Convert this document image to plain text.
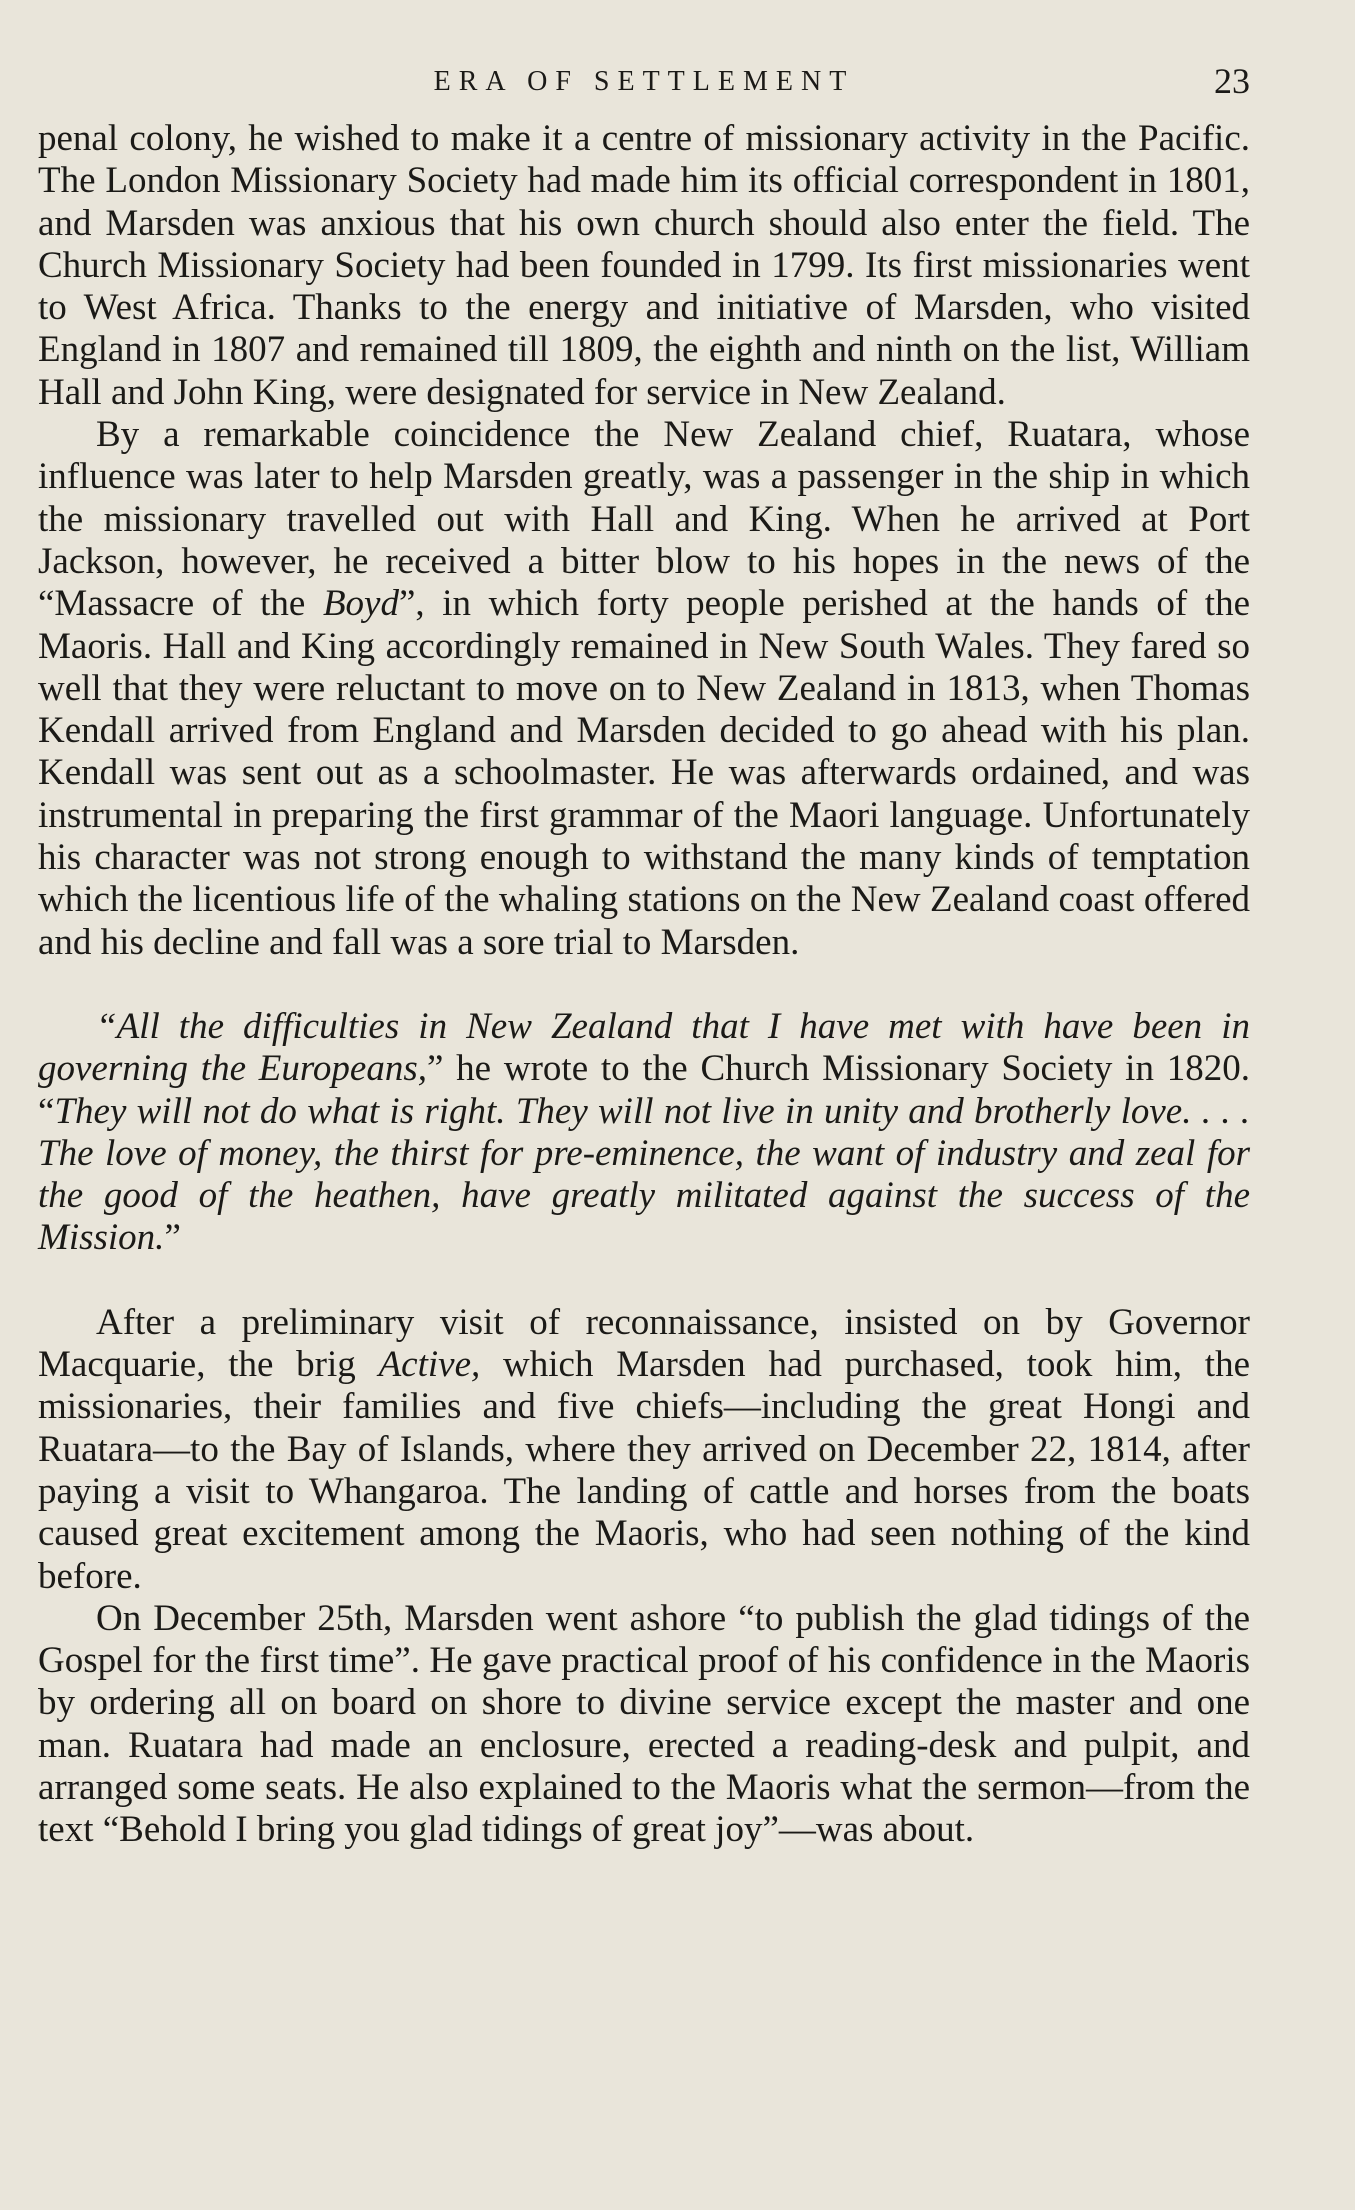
ERA OF SETTLEMENT	23

penal colony, he wished to make it a centre of missionary activity in the Pacific. The London Missionary Society had made him its official correspondent in 1801, and Marsden was anxious that his own church should also enter the field. The Church Missionary Society had been founded in 1799. Its first missionaries went to West Africa. Thanks to the energy and initiative of Marsden, who visited England in 1807 and remained till 1809, the eighth and ninth on the list, William Hall and John King, were designated for service in New Zealand.

By a remarkable coincidence the New Zealand chief, Ruatara, whose influence was later to help Marsden greatly, was a passenger in the ship in which the missionary travelled out with Hall and King. When he arrived at Port Jackson, however, he received a bitter blow to his hopes in the news of the “Massacre of the Boyd”, in which forty people perished at the hands of the Maoris. Hall and King accordingly remained in New South Wales. They fared so well that they were reluctant to move on to New Zealand in 1813, when Thomas Kendall arrived from England and Marsden decided to go ahead with his plan. Kendall was sent out as a schoolmaster. He was afterwards ordained, and was instrumental in preparing the first grammar of the Maori language. Unfortunately his character was not strong enough to withstand the many kinds of temptation which the licentious life of the whaling stations on the New Zealand coast offered and his decline and fall was a sore trial to Marsden.

“All the difficulties in New Zealand that I have met with have been in governing the Europeans,” he wrote to the Church Missionary Society in 1820. “They will not do what is right. They will not live in unity and brotherly love. . . . The love of money, the thirst for pre-eminence, the want of industry and zeal for the good of the heathen, have greatly militated against the success of the Mission.”

After a preliminary visit of reconnaissance, insisted on by Governor Macquarie, the brig Active, which Marsden had purchased, took him, the missionaries, their families and five chiefs—including the great Hongi and Ruatara—to the Bay of Islands, where they arrived on December 22, 1814, after paying a visit to Whangaroa. The landing of cattle and horses from the boats caused great excitement among the Maoris, who had seen nothing of the kind before.

On December 25th, Marsden went ashore “to publish the glad tidings of the Gospel for the first time”. He gave practical proof of his confidence in the Maoris by ordering all on board on shore to divine service except the master and one man. Ruatara had made an enclosure, erected a reading-desk and pulpit, and arranged some seats. He also explained to the Maoris what the sermon—from the text “Behold I bring you glad tidings of great joy”—was about.
